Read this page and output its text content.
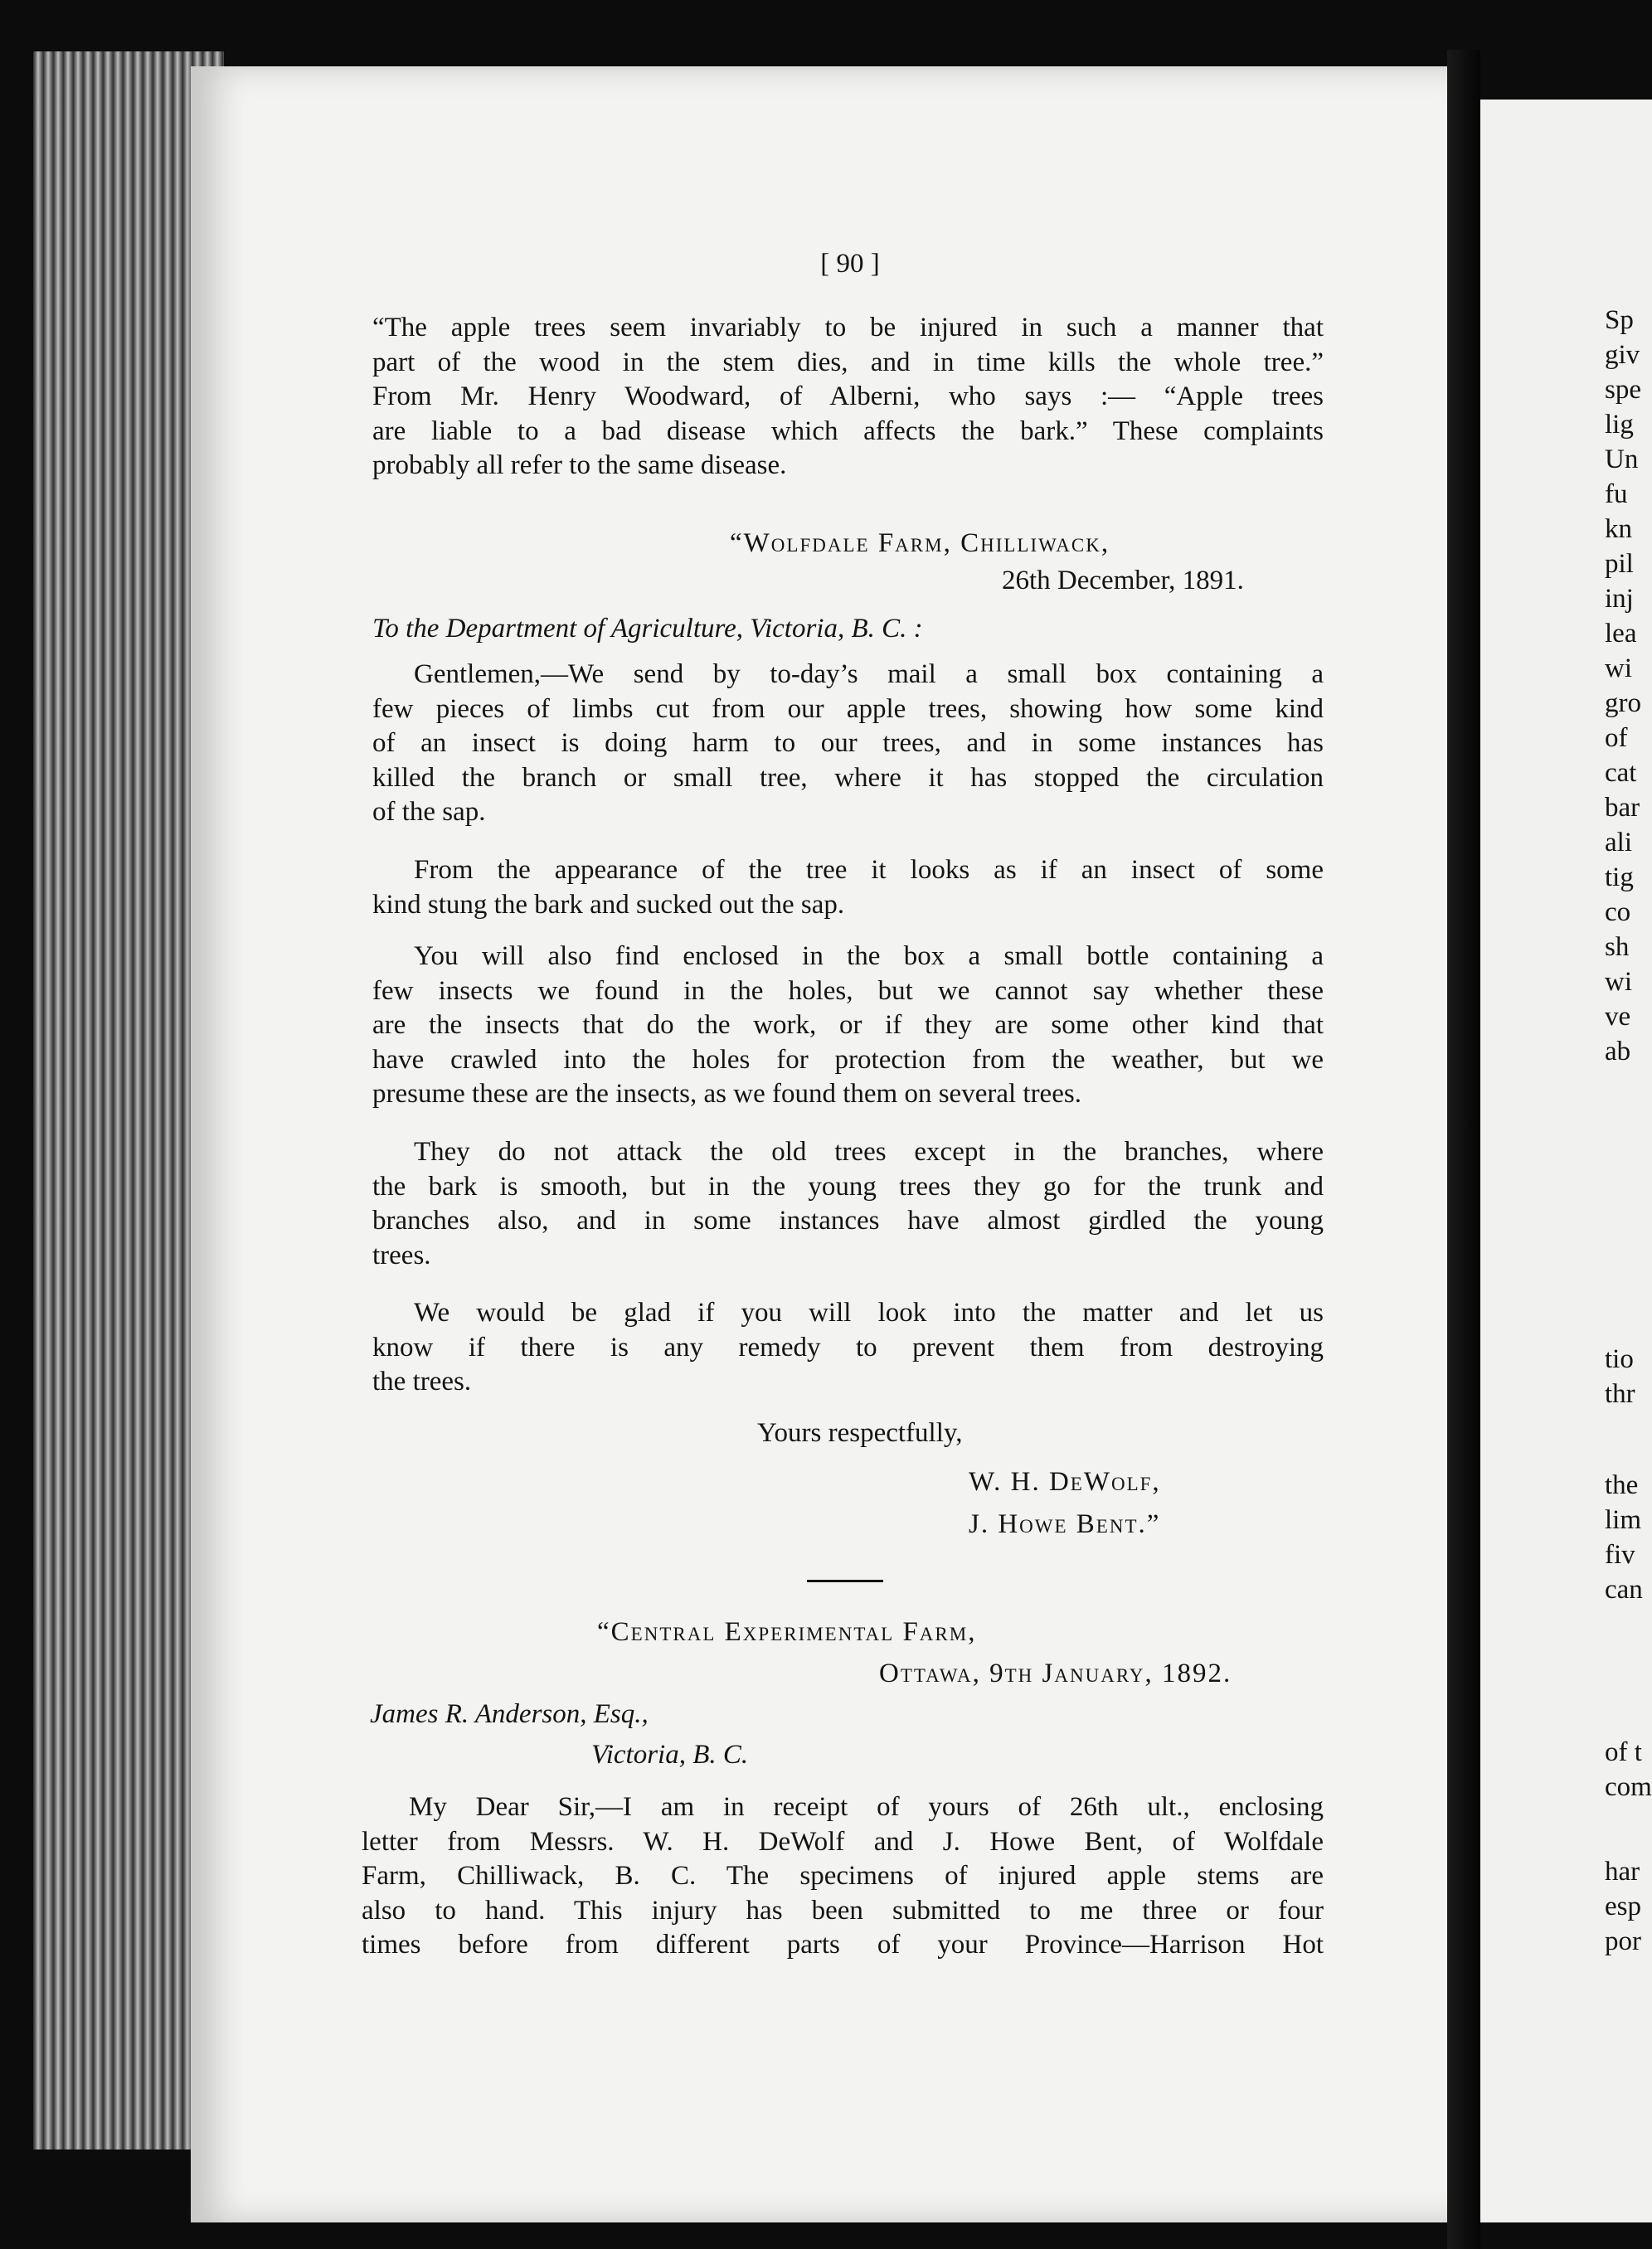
[ 90 ]
“The apple trees seem invariably to be injured in such a manner that
part of the wood in the stem dies, and in time kills the whole tree.”
From Mr. Henry Woodward, of Alberni, who says :— “Apple trees
are liable to a bad disease which affects the bark.” These complaints
probably all refer to the same disease.
“Wolfdale Farm, Chilliwack,
26th December, 1891.
To the Department of Agriculture, Victoria, B. C. :
Gentlemen,—We send by to-day’s mail a small box containing a
few pieces of limbs cut from our apple trees, showing how some kind
of an insect is doing harm to our trees, and in some instances has
killed the branch or small tree, where it has stopped the circulation
of the sap.
From the appearance of the tree it looks as if an insect of some
kind stung the bark and sucked out the sap.
You will also find enclosed in the box a small bottle containing a
few insects we found in the holes, but we cannot say whether these
are the insects that do the work, or if they are some other kind that
have crawled into the holes for protection from the weather, but we
presume these are the insects, as we found them on several trees.
They do not attack the old trees except in the branches, where
the bark is smooth, but in the young trees they go for the trunk and
branches also, and in some instances have almost girdled the young
trees.
We would be glad if you will look into the matter and let us
know if there is any remedy to prevent them from destroying
the trees.
Yours respectfully,
W. H. DeWolf,
J. Howe Bent.”
“Central Experimental Farm,
Ottawa, 9th January, 1892.
James R. Anderson, Esq.,
Victoria, B. C.
My Dear Sir,—I am in receipt of yours of 26th ult., enclosing
letter from Messrs. W. H. DeWolf and J. Howe Bent, of Wolfdale
Farm, Chilliwack, B. C. The specimens of injured apple stems are
also to hand. This injury has been submitted to me three or four
times before from different parts of your Province—Harrison Hot
Sp
giv
spe
lig
Un
fu
kn
pil
inj
lea
wi
gro
of
cat
bar
ali
tig
co
sh
wi
ve
ab
tio
thr
the
lim
fiv
can
of t
com
har
esp
por
